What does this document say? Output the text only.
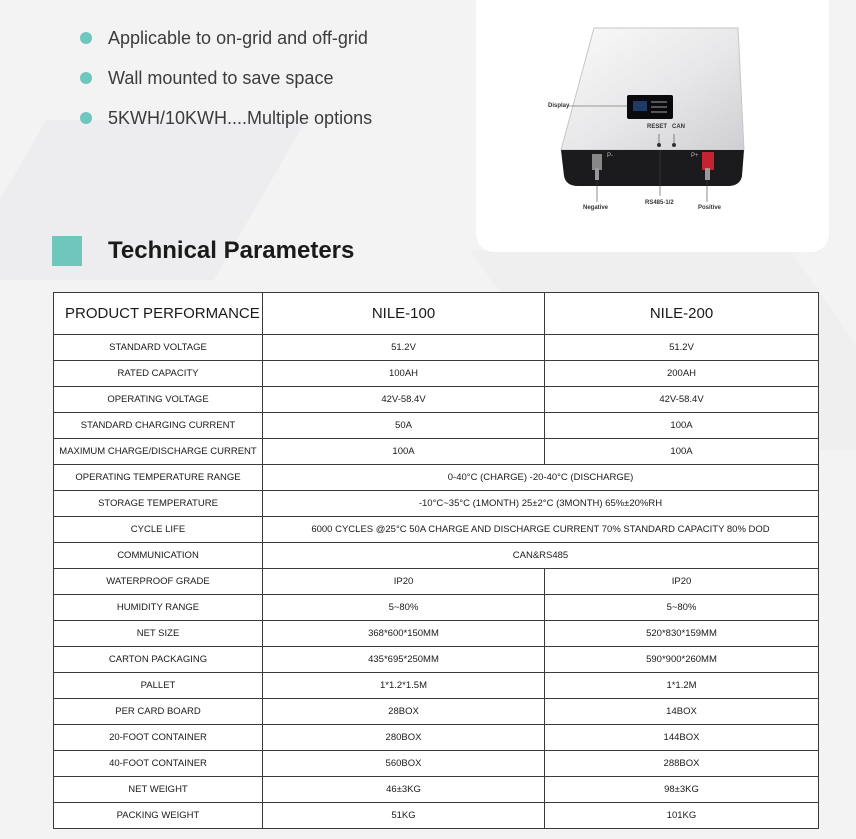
Applicable to on-grid and off-grid
Wall mounted to save space
5KWH/10KWH....Multiple options
Display
RESET CAN
RS485-1/2
Negative	Positive
P-	P+
Technical Parameters
PRODUCT PERFORMANCE	NILE-100	NILE-200
STANDARD VOLTAGE	51.2V	51.2V
RATED CAPACITY	100AH	200AH
OPERATING VOLTAGE	42V-58.4V	42V-58.4V
STANDARD CHARGING CURRENT	50A	100A
MAXIMUM CHARGE/DISCHARGE CURRENT	100A	100A
OPERATING TEMPERATURE RANGE	0-40°C (CHARGE) -20-40°C (DISCHARGE)	
STORAGE TEMPERATURE	-10°C~35°C (1MONTH) 25±2°C (3MONTH) 65%±20%RH	
CYCLE LIFE	6000 CYCLES @25°C 50A CHARGE AND DISCHARGE CURRENT 70% STANDARD CAPACITY 80% DOD	
COMMUNICATION	CAN&RS485	
WATERPROOF GRADE	IP20	IP20
HUMIDITY RANGE	5~80%	5~80%
NET SIZE	368*600*150MM	520*830*159MM
CARTON PACKAGING	435*695*250MM	590*900*260MM
PALLET	1*1.2*1.5M	1*1.2M
PER CARD BOARD	28BOX	14BOX
20-FOOT CONTAINER	280BOX	144BOX
40-FOOT CONTAINER	560BOX	288BOX
NET WEIGHT	46±3KG	98±3KG
PACKING WEIGHT	51KG	101KG
